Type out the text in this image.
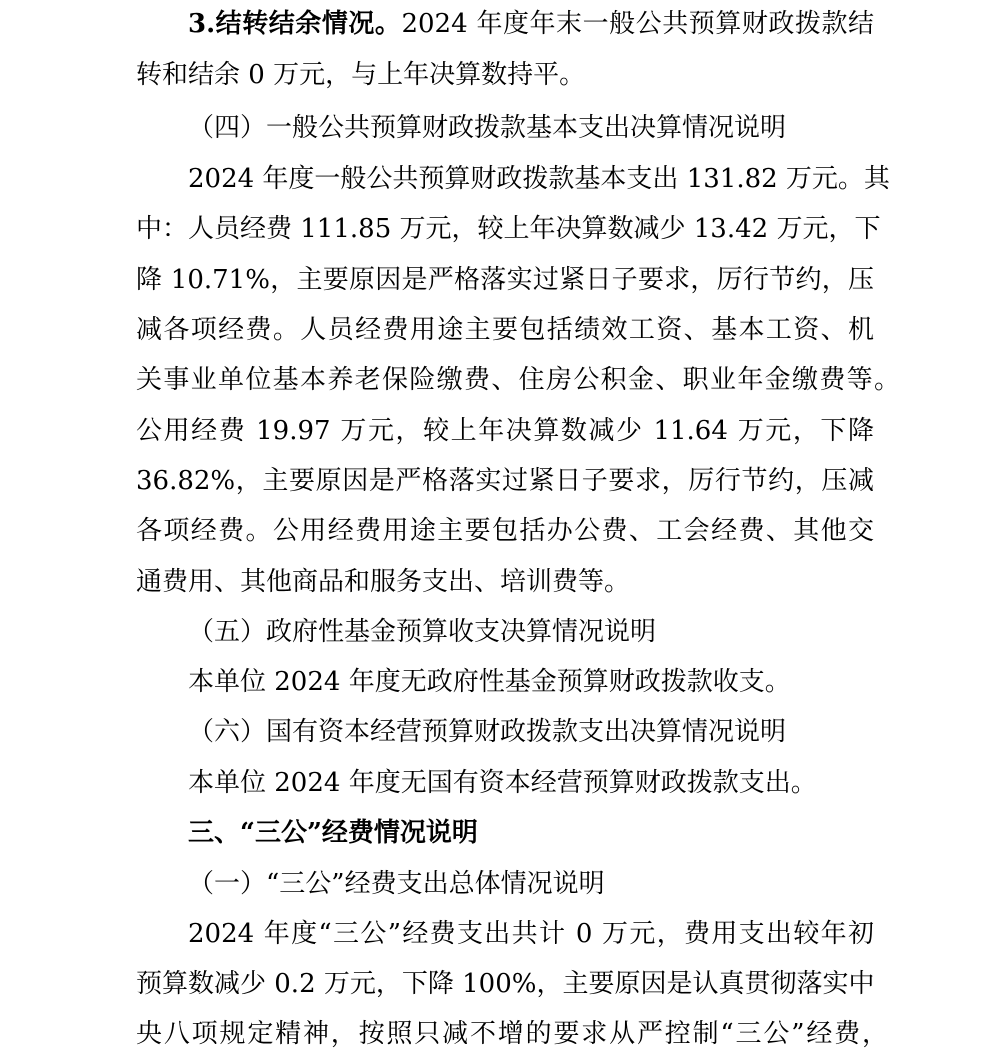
3.结转结余情况。2024 年度年末一般公共预算财政拨款结
转和结余 0 万元，与上年决算数持平。
（四）一般公共预算财政拨款基本支出决算情况说明
2024 年度一般公共预算财政拨款基本支出 131.82 万元。其
中：人员经费 111.85 万元，较上年决算数减少 13.42 万元，下
降 10.71%，主要原因是严格落实过紧日子要求，厉行节约，压
减各项经费。人员经费用途主要包括绩效工资、基本工资、机
关事业单位基本养老保险缴费、住房公积金、职业年金缴费等。
公用经费 19.97 万元，较上年决算数减少 11.64 万元，下降
36.82%，主要原因是严格落实过紧日子要求，厉行节约，压减
各项经费。公用经费用途主要包括办公费、工会经费、其他交
通费用、其他商品和服务支出、培训费等。
（五）政府性基金预算收支决算情况说明
本单位 2024 年度无政府性基金预算财政拨款收支。
（六）国有资本经营预算财政拨款支出决算情况说明
本单位 2024 年度无国有资本经营预算财政拨款支出。
三、“三公”经费情况说明
（一）“三公”经费支出总体情况说明
2024 年度“三公”经费支出共计 0 万元，费用支出较年初
预算数减少 0.2 万元，下降 100%，主要原因是认真贯彻落实中
央八项规定精神，按照只减不增的要求从严控制“三公”经费，
